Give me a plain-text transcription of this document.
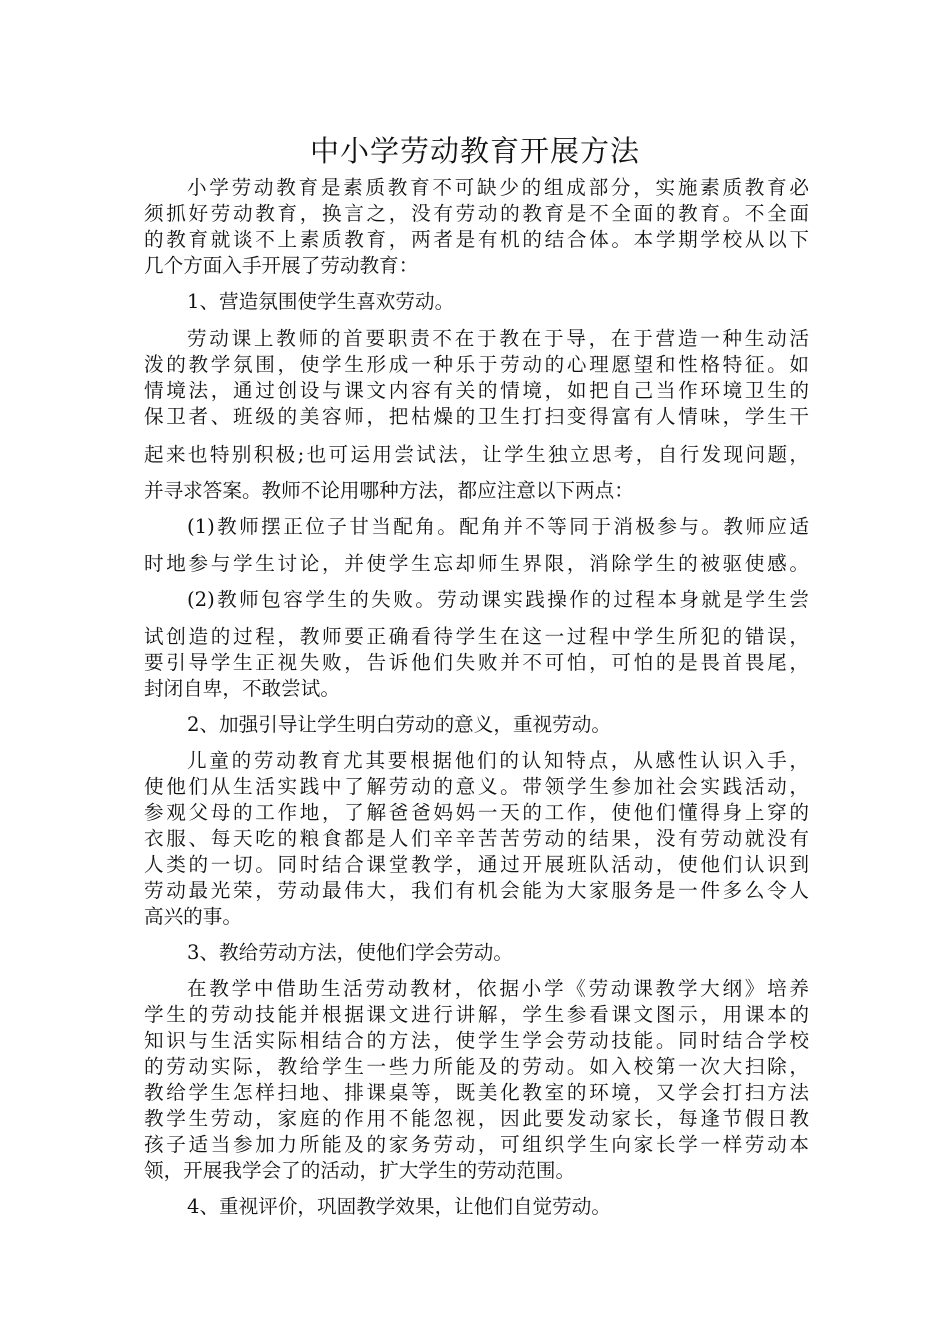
中小学劳动教育开展方法
小学劳动教育是素质教育不可缺少的组成部分，实施素质教育必
须抓好劳动教育，换言之，没有劳动的教育是不全面的教育。不全面
的教育就谈不上素质教育，两者是有机的结合体。本学期学校从以下
几个方面入手开展了劳动教育：
1、营造氛围使学生喜欢劳动。
劳动课上教师的首要职责不在于教在于导，在于营造一种生动活
泼的教学氛围，使学生形成一种乐于劳动的心理愿望和性格特征。如
情境法，通过创设与课文内容有关的情境，如把自己当作环境卫生的
保卫者、班级的美容师，把枯燥的卫生打扫变得富有人情味，学生干
起来也特别积极;也可运用尝试法，让学生独立思考，自行发现问题，
并寻求答案。教师不论用哪种方法，都应注意以下两点：
(1)教师摆正位子甘当配角。配角并不等同于消极参与。教师应适
时地参与学生讨论，并使学生忘却师生界限，消除学生的被驱使感。
(2)教师包容学生的失败。劳动课实践操作的过程本身就是学生尝
试创造的过程，教师要正确看待学生在这一过程中学生所犯的错误，
要引导学生正视失败，告诉他们失败并不可怕，可怕的是畏首畏尾，
封闭自卑，不敢尝试。
2、加强引导让学生明白劳动的意义，重视劳动。
儿童的劳动教育尤其要根据他们的认知特点，从感性认识入手，
使他们从生活实践中了解劳动的意义。带领学生参加社会实践活动，
参观父母的工作地，了解爸爸妈妈一天的工作，使他们懂得身上穿的
衣服、每天吃的粮食都是人们辛辛苦苦劳动的结果，没有劳动就没有
人类的一切。同时结合课堂教学，通过开展班队活动，使他们认识到
劳动最光荣，劳动最伟大，我们有机会能为大家服务是一件多么令人
高兴的事。
3、教给劳动方法，使他们学会劳动。
在教学中借助生活劳动教材，依据小学《劳动课教学大纲》培养
学生的劳动技能并根据课文进行讲解，学生参看课文图示，用课本的
知识与生活实际相结合的方法，使学生学会劳动技能。同时结合学校
的劳动实际，教给学生一些力所能及的劳动。如入校第一次大扫除，
教给学生怎样扫地、排课桌等，既美化教室的环境，又学会打扫方法
教学生劳动，家庭的作用不能忽视，因此要发动家长，每逢节假日教
孩子适当参加力所能及的家务劳动，可组织学生向家长学一样劳动本
领，开展我学会了的活动，扩大学生的劳动范围。
4、重视评价，巩固教学效果，让他们自觉劳动。
